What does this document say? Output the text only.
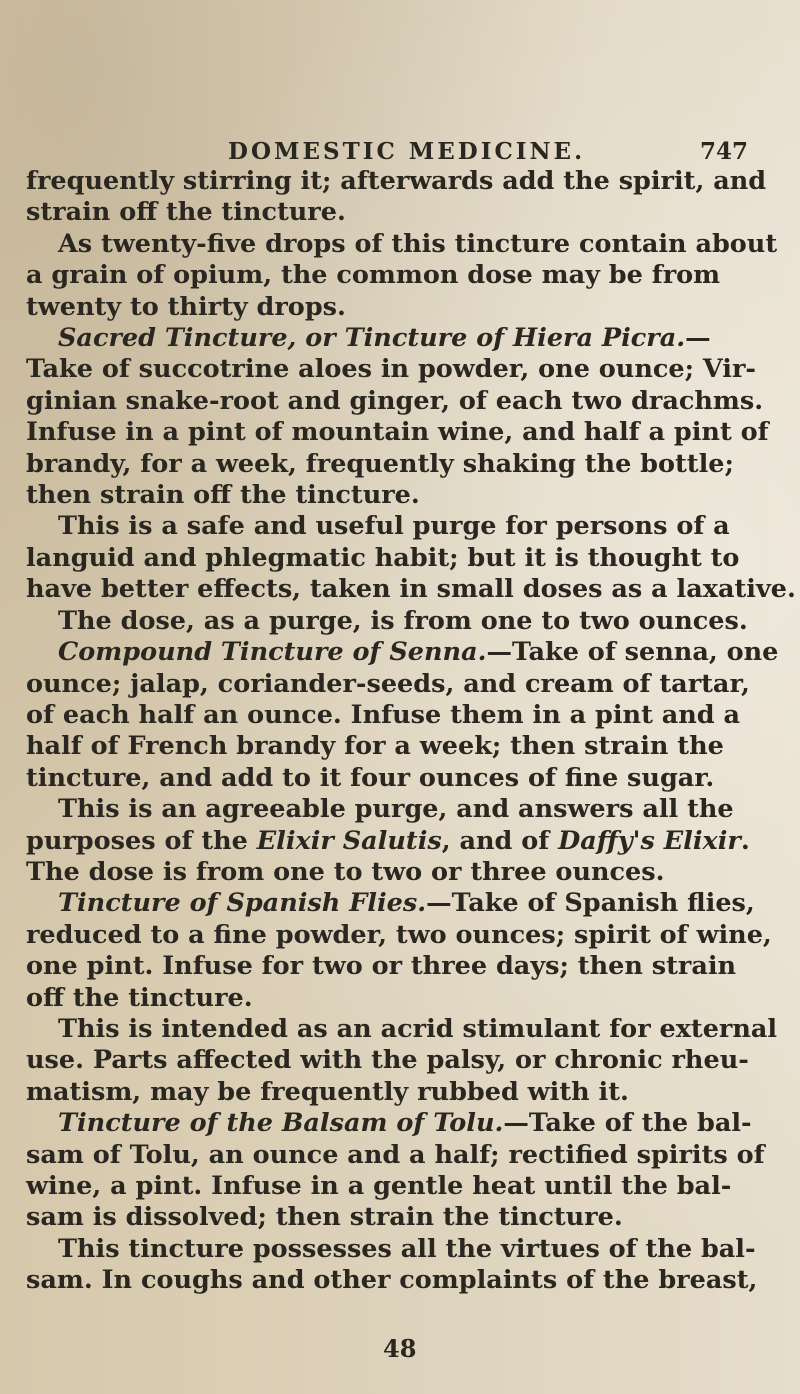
DOMESTIC MEDICINE.	747
frequently stirring it; afterwards add the spirit, and
strain off the tincture.
As twenty-five drops of this tincture contain about
a grain of opium, the common dose may be from
twenty to thirty drops.
Sacred Tincture, or Tincture of Hiera Picra.—
Take of succotrine aloes in powder, one ounce; Vir-
ginian snake-root and ginger, of each two drachms.
Infuse in a pint of mountain wine, and half a pint of
brandy, for a week, frequently shaking the bottle;
then strain off the tincture.
This is a safe and useful purge for persons of a
languid and phlegmatic habit; but it is thought to
have better effects, taken in small doses as a laxative.
The dose, as a purge, is from one to two ounces.
Compound Tincture of Senna.—Take of senna, one
ounce; jalap, coriander-seeds, and cream of tartar,
of each half an ounce. Infuse them in a pint and a
half of French brandy for a week; then strain the
tincture, and add to it four ounces of fine sugar.
This is an agreeable purge, and answers all the
purposes of the Elixir Salutis, and of Daffy's Elixir.
The dose is from one to two or three ounces.
Tincture of Spanish Flies.—Take of Spanish flies,
reduced to a fine powder, two ounces; spirit of wine,
one pint. Infuse for two or three days; then strain
off the tincture.
This is intended as an acrid stimulant for external
use. Parts affected with the palsy, or chronic rheu-
matism, may be frequently rubbed with it.
Tincture of the Balsam of Tolu.—Take of the bal-
sam of Tolu, an ounce and a half; rectified spirits of
wine, a pint. Infuse in a gentle heat until the bal-
sam is dissolved; then strain the tincture.
This tincture possesses all the virtues of the bal-
sam. In coughs and other complaints of the breast,
48
